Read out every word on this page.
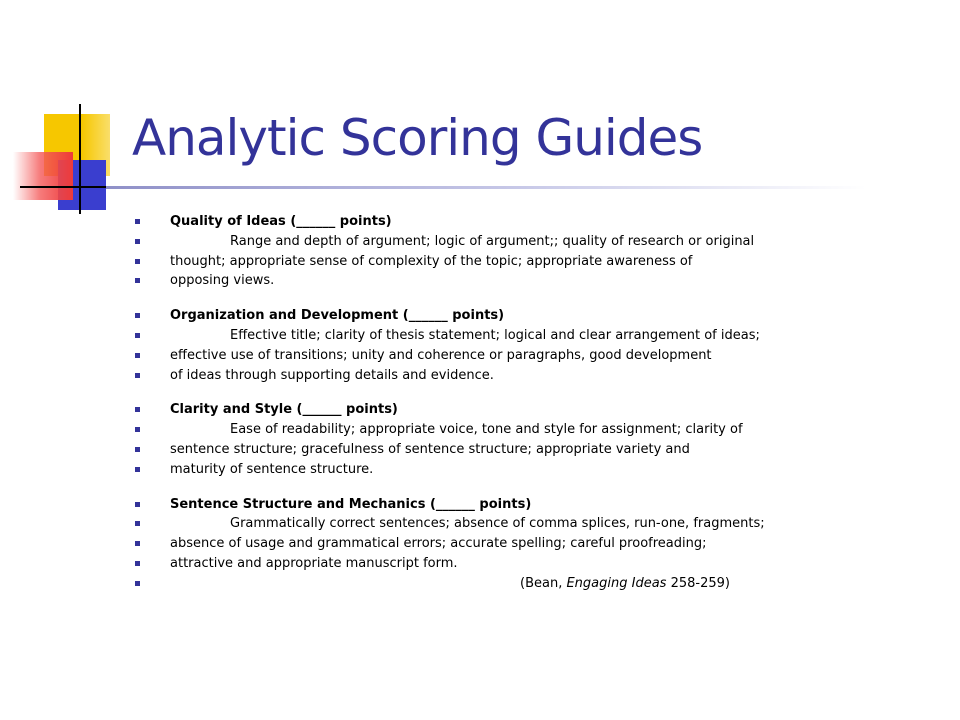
Analytic Scoring Guides
Quality of Ideas (______ points)
Range and depth of argument; logic of argument;; quality of research or original
thought; appropriate sense of complexity of the topic; appropriate awareness of
opposing views.
Organization and Development (______ points)
Effective title; clarity of thesis statement; logical and clear arrangement of ideas;
effective use of transitions; unity and coherence or paragraphs, good development
of ideas through supporting details and evidence.
Clarity and Style (______ points)
Ease of readability; appropriate voice, tone and style for assignment; clarity of
sentence structure; gracefulness of sentence structure; appropriate variety and
maturity of sentence structure.
Sentence Structure and Mechanics (______ points)
Grammatically correct sentences; absence of comma splices, run-one, fragments;
absence of usage and grammatical errors; accurate spelling; careful proofreading;
attractive and appropriate manuscript form.
(Bean, Engaging Ideas 258-259)
